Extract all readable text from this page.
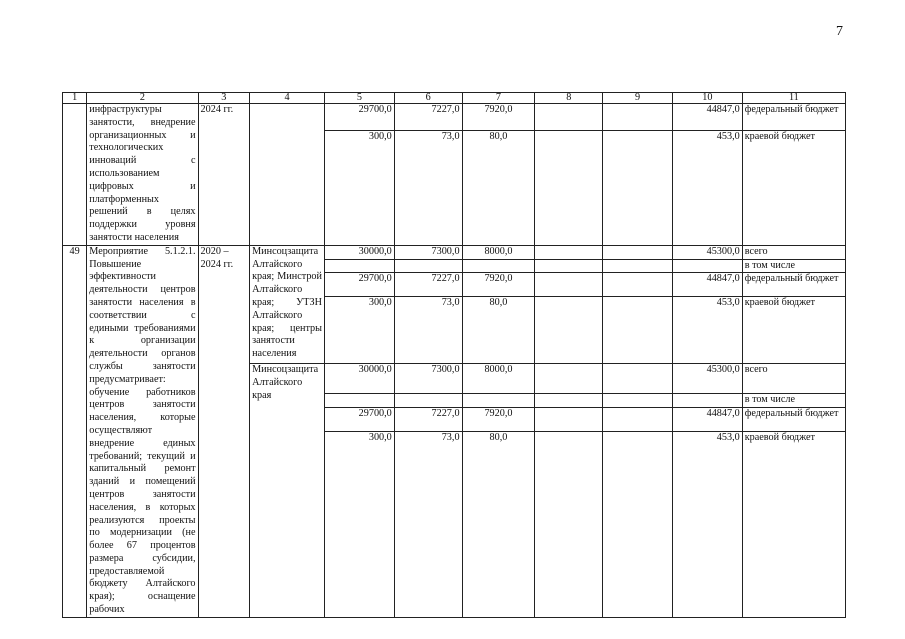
7
1	2	3	4	5	6	7	8	9	10	11
	инфраструктуры занятости, внедрение организационных и технологических инноваций с использованием цифровых и платформенных решений в целях поддержки уровня занятости населения	2024 гг.		29700,0	7227,0	7920,0			44847,0	федеральный бюджет
				300,0	73,0	80,0			453,0	краевой бюджет
49	Мероприятие 5.1.2.1. Повышение эффективности деятельности центров занятости населения в соответствии с едиными требованиями к организации деятельности органов службы занятости предусматривает: обучение работников центров занятости населения, которые осуществляют внедрение единых требований; текущий и капитальный ремонт зданий и помещений центров занятости населения, в которых реализуются проекты по модернизации (не более 67 процентов размера субсидии, предоставляемой бюджету Алтайского края); оснащение рабочих	2020 – 2024 гг.	Минсоцзащита Алтайского края; Минстрой Алтайского края; УТЗН Алтайского края; центры занятости населения	30000,0	7300,0	8000,0			45300,0	всего
										в том числе
				29700,0	7227,0	7920,0			44847,0	федеральный бюджет
				300,0	73,0	80,0			453,0	краевой бюджет
			Минсоцзащита Алтайского края	30000,0	7300,0	8000,0			45300,0	всего
										в том числе
				29700,0	7227,0	7920,0			44847,0	федеральный бюджет
				300,0	73,0	80,0			453,0	краевой бюджет
